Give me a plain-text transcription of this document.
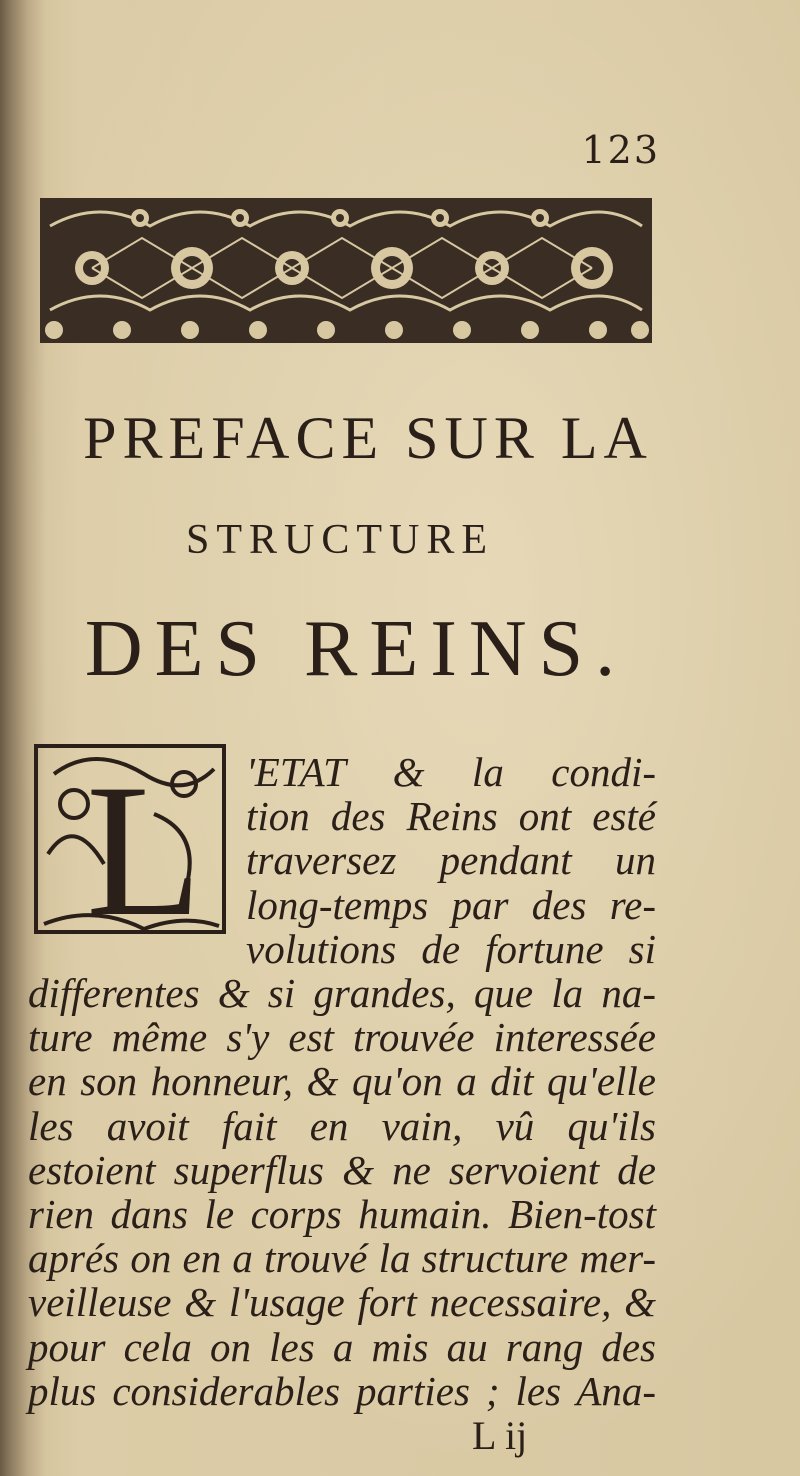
123
PREFACE SUR LA
STRUCTURE
DES REINS.
L 'ETAT & la condi-
tion des Reins ont esté
traversez pendant un
long-temps par des re-
volutions de fortune si
differentes & si grandes, que la na-
ture même s'y est trouvée interessée
en son honneur, & qu'on a dit qu'elle
les avoit fait en vain, vû qu'ils
estoient superflus & ne servoient de
rien dans le corps humain. Bien-tost
aprés on en a trouvé la structure mer-
veilleuse & l'usage fort necessaire, &
pour cela on les a mis au rang des
L ij
plus considerables parties ; les Ana-
